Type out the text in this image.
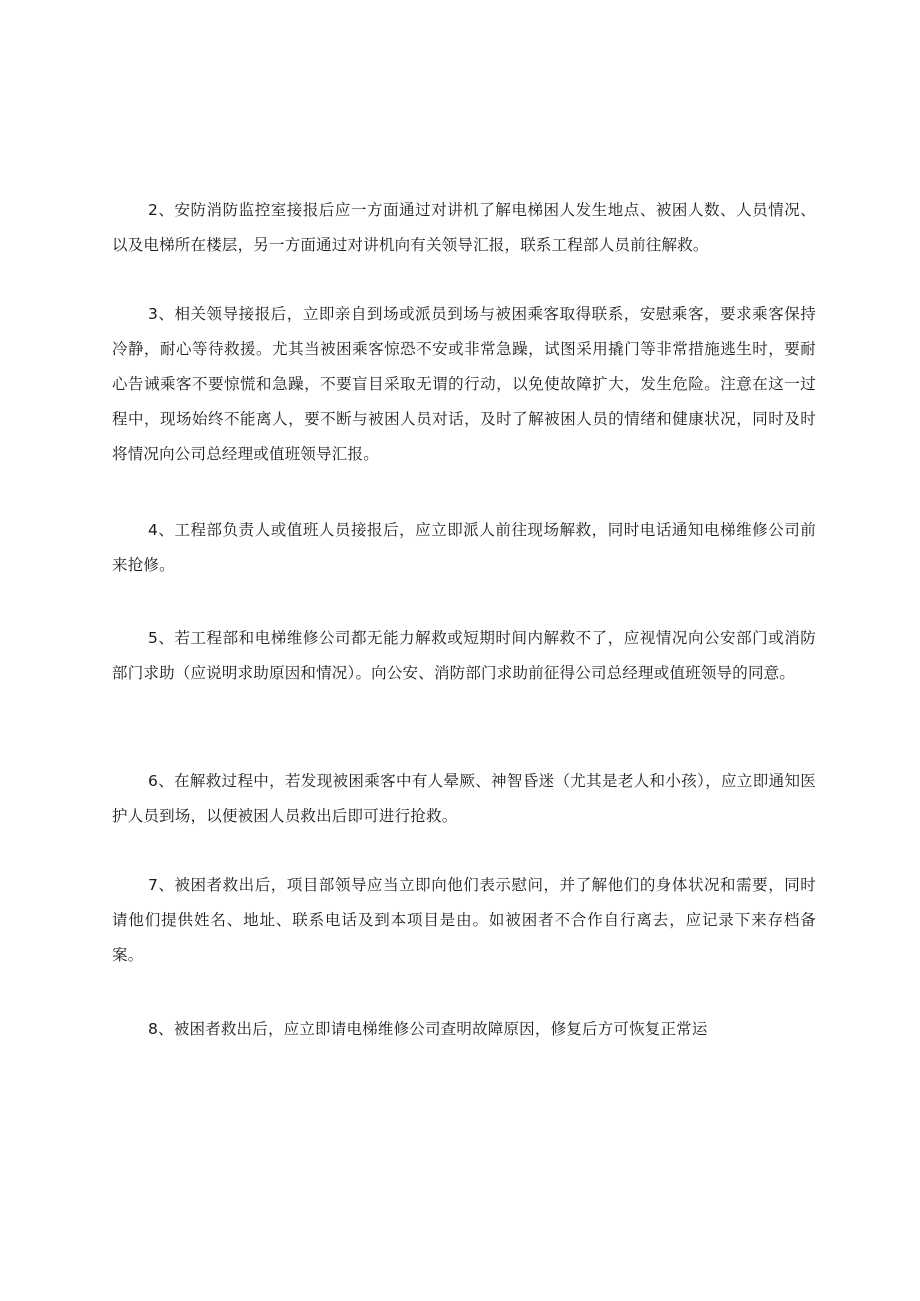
2、安防消防监控室接报后应一方面通过对讲机了解电梯困人发生地点、被困人数、人员情况、以及电梯所在楼层，另一方面通过对讲机向有关领导汇报，联系工程部人员前往解救。

3、相关领导接报后，立即亲自到场或派员到场与被困乘客取得联系，安慰乘客，要求乘客保持冷静，耐心等待救援。尤其当被困乘客惊恐不安或非常急躁，试图采用撬门等非常措施逃生时，要耐心告诫乘客不要惊慌和急躁，不要盲目采取无谓的行动，以免使故障扩大，发生危险。注意在这一过程中，现场始终不能离人，要不断与被困人员对话，及时了解被困人员的情绪和健康状况，同时及时将情况向公司总经理或值班领导汇报。

4、工程部负责人或值班人员接报后，应立即派人前往现场解救，同时电话通知电梯维修公司前来抢修。

5、若工程部和电梯维修公司都无能力解救或短期时间内解救不了，应视情况向公安部门或消防部门求助（应说明求助原因和情况）。向公安、消防部门求助前征得公司总经理或值班领导的同意。

6、在解救过程中，若发现被困乘客中有人晕厥、神智昏迷（尤其是老人和小孩），应立即通知医护人员到场，以便被困人员救出后即可进行抢救。

7、被困者救出后，项目部领导应当立即向他们表示慰问，并了解他们的身体状况和需要，同时请他们提供姓名、地址、联系电话及到本项目是由。如被困者不合作自行离去，应记录下来存档备案。

8、被困者救出后，应立即请电梯维修公司查明故障原因，修复后方可恢复正常运
